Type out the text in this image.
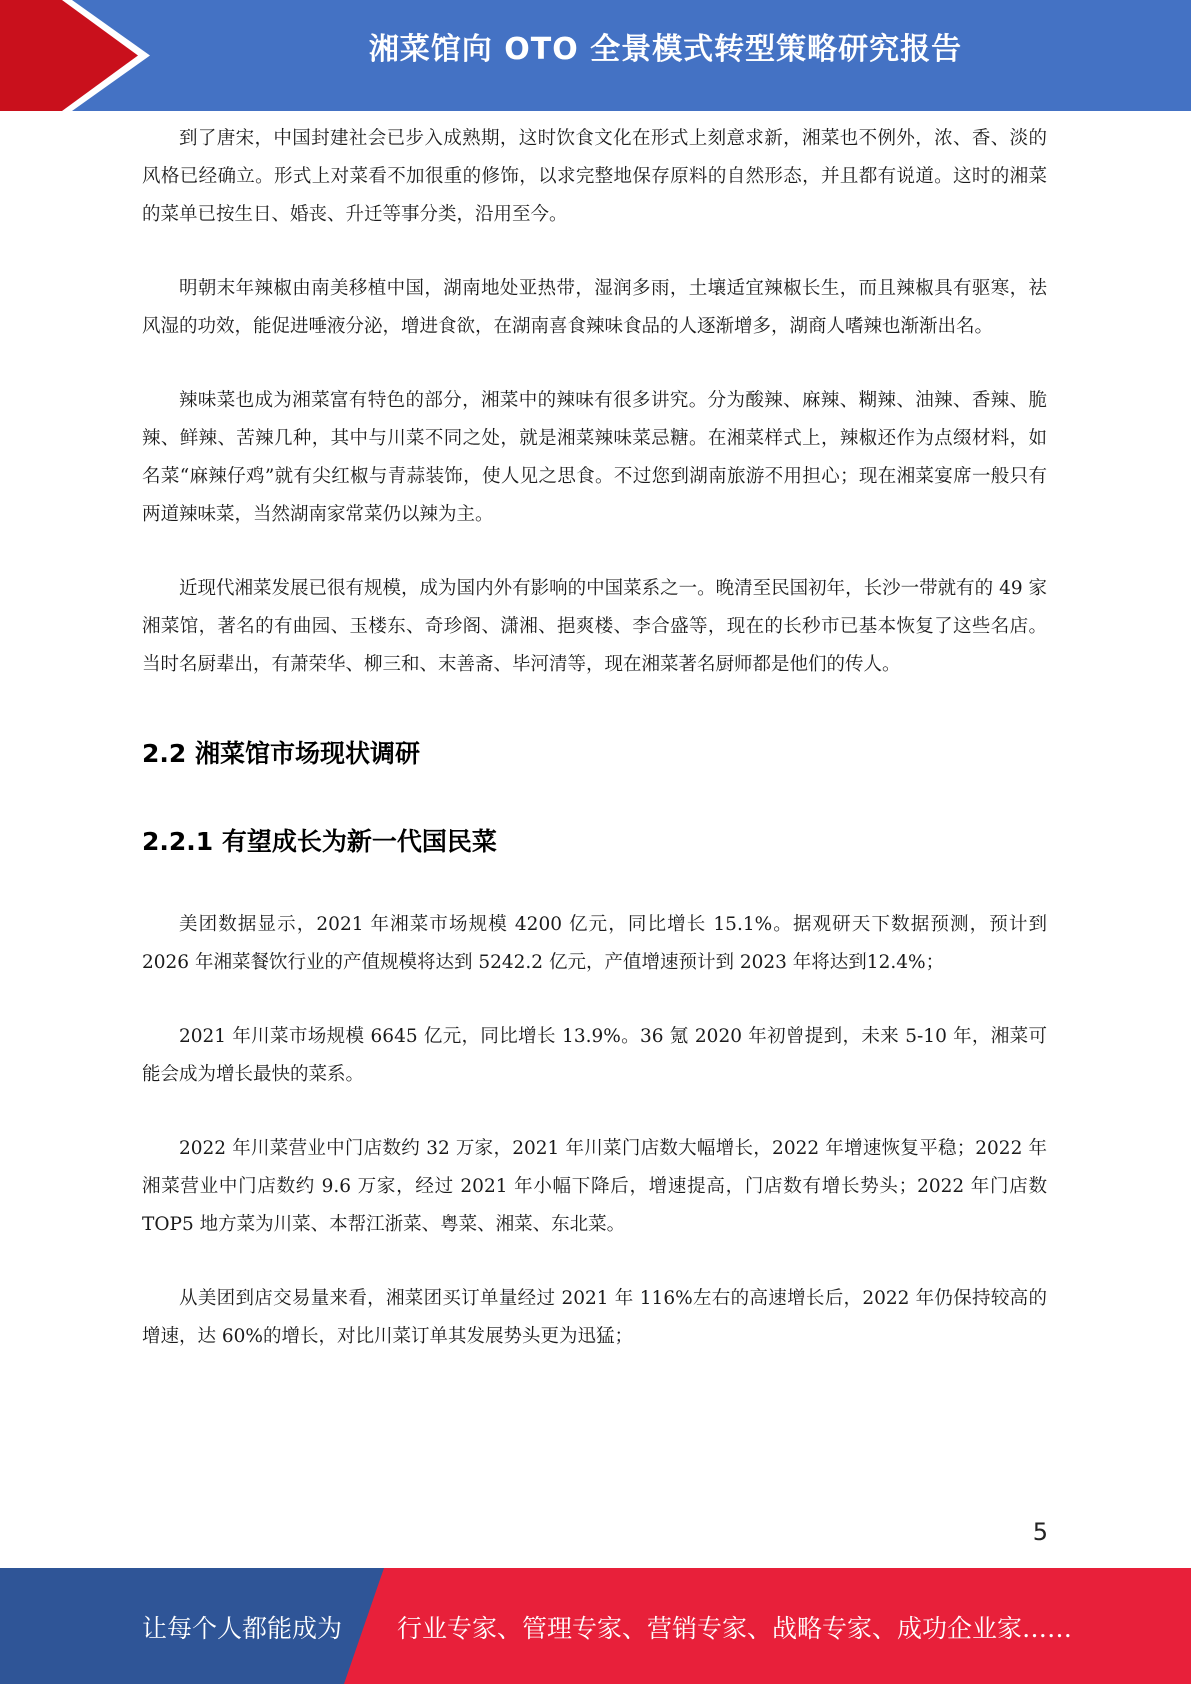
湘菜馆向 OTO 全景模式转型策略研究报告

到了唐宋，中国封建社会已步入成熟期，这时饮食文化在形式上刻意求新，湘菜也不例外，浓、香、淡的风格已经确立。形式上对菜看不加很重的修饰，以求完整地保存原料的自然形态，并且都有说道。这时的湘菜的菜单已按生日、婚丧、升迁等事分类，沿用至今。

明朝末年辣椒由南美移植中国，湖南地处亚热带，湿润多雨，土壤适宜辣椒长生，而且辣椒具有驱寒，祛风湿的功效，能促进唾液分泌，增进食欲，在湖南喜食辣味食品的人逐渐增多，湖商人嗜辣也渐渐出名。

辣味菜也成为湘菜富有特色的部分，湘菜中的辣味有很多讲究。分为酸辣、麻辣、糊辣、油辣、香辣、脆辣、鲜辣、苦辣几种，其中与川菜不同之处，就是湘菜辣味菜忌糖。在湘菜样式上，辣椒还作为点缀材料，如名菜“麻辣仔鸡”就有尖红椒与青蒜装饰，使人见之思食。不过您到湖南旅游不用担心；现在湘菜宴席一般只有两道辣味菜，当然湖南家常菜仍以辣为主。

近现代湘菜发展已很有规模，成为国内外有影响的中国菜系之一。晚清至民国初年，长沙一带就有的 49 家湘菜馆，著名的有曲园、玉楼东、奇珍阁、潇湘、挹爽楼、李合盛等，现在的长秒市已基本恢复了这些名店。当时名厨辈出，有萧荣华、柳三和、末善斋、毕河清等，现在湘菜著名厨师都是他们的传人。

2.2 湘菜馆市场现状调研
2.2.1 有望成长为新一代国民菜

美团数据显示，2021 年湘菜市场规模 4200 亿元，同比增长 15.1%。据观研天下数据预测，预计到 2026 年湘菜餐饮行业的产值规模将达到 5242.2 亿元，产值增速预计到 2023 年将达到12.4%；

2021 年川菜市场规模 6645 亿元，同比增长 13.9%。36 氪 2020 年初曾提到，未来 5-10 年，湘菜可能会成为增长最快的菜系。

2022 年川菜营业中门店数约 32 万家，2021 年川菜门店数大幅增长，2022 年增速恢复平稳；2022 年湘菜营业中门店数约 9.6 万家，经过 2021 年小幅下降后，增速提高，门店数有增长势头；2022 年门店数 TOP5 地方菜为川菜、本帮江浙菜、粤菜、湘菜、东北菜。

从美团到店交易量来看，湘菜团买订单量经过 2021 年 116%左右的高速增长后，2022 年仍保持较高的增速，达 60%的增长，对比川菜订单其发展势头更为迅猛；

5
让每个人都能成为 行业专家、管理专家、营销专家、战略专家、成功企业家……
